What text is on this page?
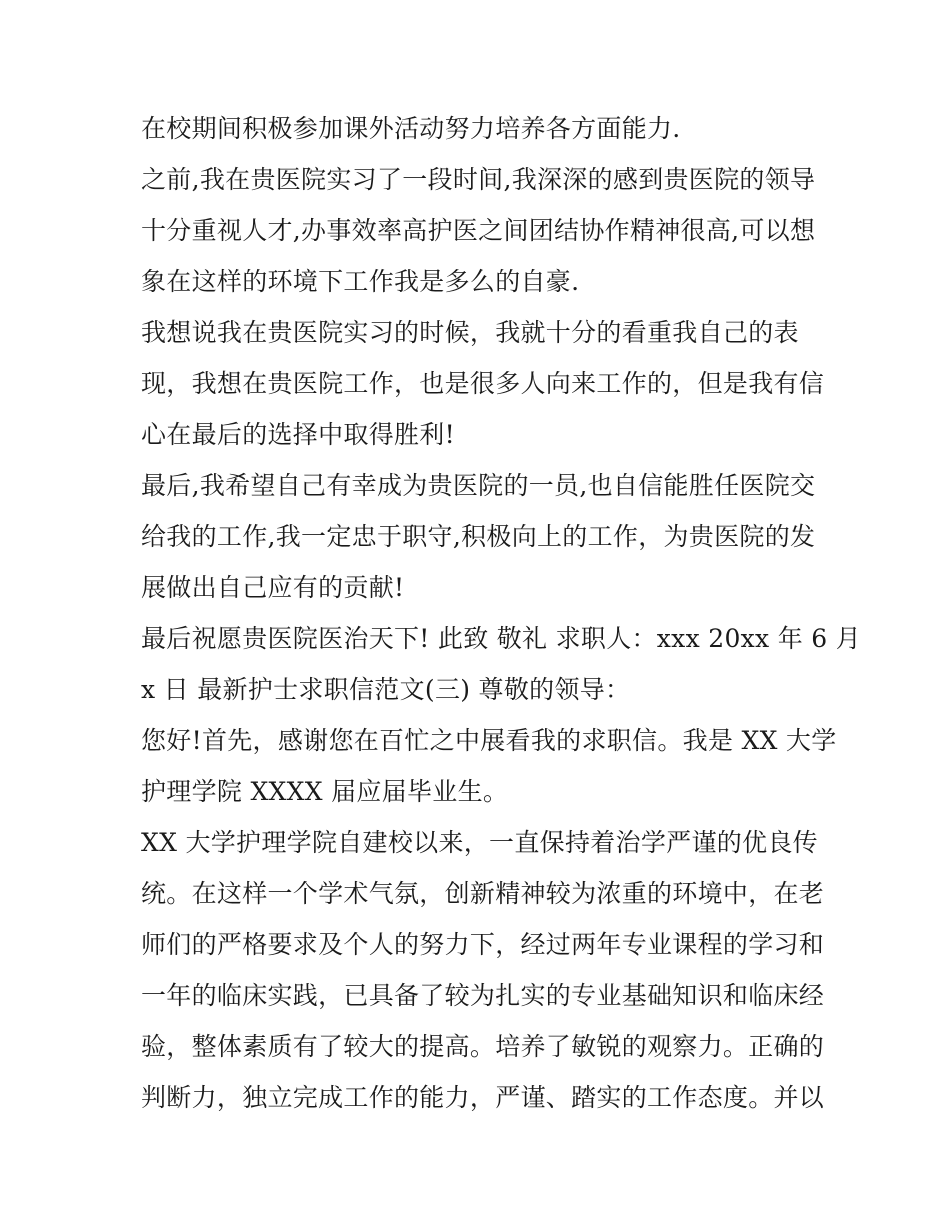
在校期间积极参加课外活动努力培养各方面能力.
之前,我在贵医院实习了一段时间,我深深的感到贵医院的领导
十分重视人才,办事效率高护医之间团结协作精神很高,可以想
象在这样的环境下工作我是多么的自豪.
我想说我在贵医院实习的时候，我就十分的看重我自己的表
现，我想在贵医院工作，也是很多人向来工作的，但是我有信
心在最后的选择中取得胜利!
最后,我希望自己有幸成为贵医院的一员,也自信能胜任医院交
给我的工作,我一定忠于职守,积极向上的工作，为贵医院的发
展做出自己应有的贡献!
最后祝愿贵医院医治天下! 此致 敬礼 求职人：xxx 20xx 年 6 月
x 日 最新护士求职信范文(三) 尊敬的领导：
您好!首先，感谢您在百忙之中展看我的求职信。我是 XX 大学
护理学院 XXXX 届应届毕业生。
XX 大学护理学院自建校以来，一直保持着治学严谨的优良传
统。在这样一个学术气氛，创新精神较为浓重的环境中，在老
师们的严格要求及个人的努力下，经过两年专业课程的学习和
一年的临床实践，已具备了较为扎实的专业基础知识和临床经
验，整体素质有了较大的提高。培养了敏锐的观察力。正确的
判断力，独立完成工作的能力，严谨、踏实的工作态度。并以
